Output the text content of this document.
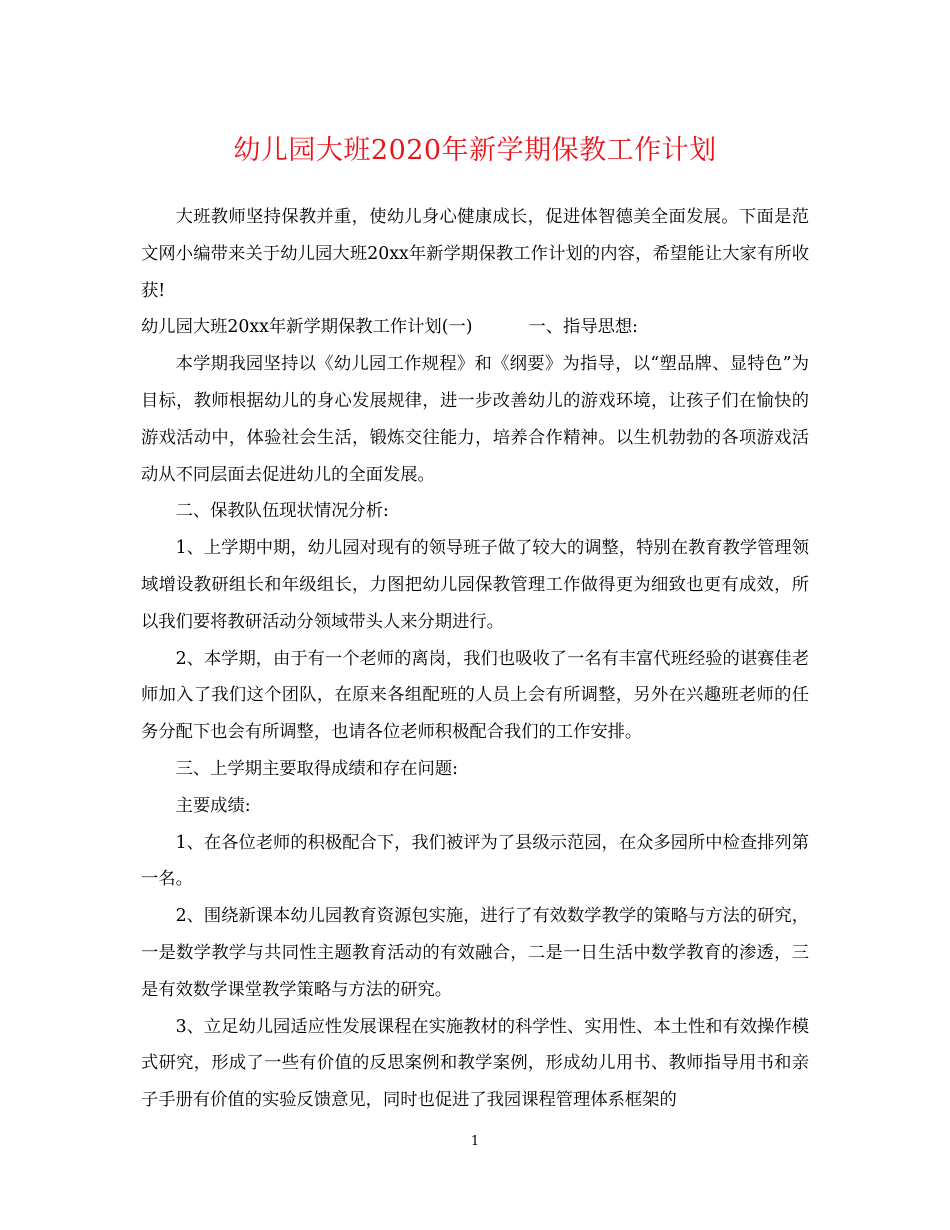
幼儿园大班2020年新学期保教工作计划

大班教师坚持保教并重，使幼儿身心健康成长，促进体智德美全面发展。下面是范文网小编带来关于幼儿园大班20xx年新学期保教工作计划的内容，希望能让大家有所收获!

幼儿园大班20xx年新学期保教工作计划(一)	一、指导思想:

本学期我园坚持以《幼儿园工作规程》和《纲要》为指导，以“塑品牌、显特色”为目标，教师根据幼儿的身心发展规律，进一步改善幼儿的游戏环境，让孩子们在愉快的游戏活动中，体验社会生活，锻炼交往能力，培养合作精神。以生机勃勃的各项游戏活动从不同层面去促进幼儿的全面发展。

二、保教队伍现状情况分析:

1、上学期中期，幼儿园对现有的领导班子做了较大的调整，特别在教育教学管理领域增设教研组长和年级组长，力图把幼儿园保教管理工作做得更为细致也更有成效，所以我们要将教研活动分领域带头人来分期进行。

2、本学期，由于有一个老师的离岗，我们也吸收了一名有丰富代班经验的谌赛佳老师加入了我们这个团队，在原来各组配班的人员上会有所调整，另外在兴趣班老师的任务分配下也会有所调整，也请各位老师积极配合我们的工作安排。

三、上学期主要取得成绩和存在问题:

主要成绩:

1、在各位老师的积极配合下，我们被评为了县级示范园，在众多园所中检查排列第一名。

2、围绕新课本幼儿园教育资源包实施，进行了有效数学教学的策略与方法的研究，一是数学教学与共同性主题教育活动的有效融合，二是一日生活中数学教育的渗透，三是有效数学课堂教学策略与方法的研究。

3、立足幼儿园适应性发展课程在实施教材的科学性、实用性、本土性和有效操作模式研究，形成了一些有价值的反思案例和教学案例，形成幼儿用书、教师指导用书和亲子手册有价值的实验反馈意见，同时也促进了我园课程管理体系框架的

1
